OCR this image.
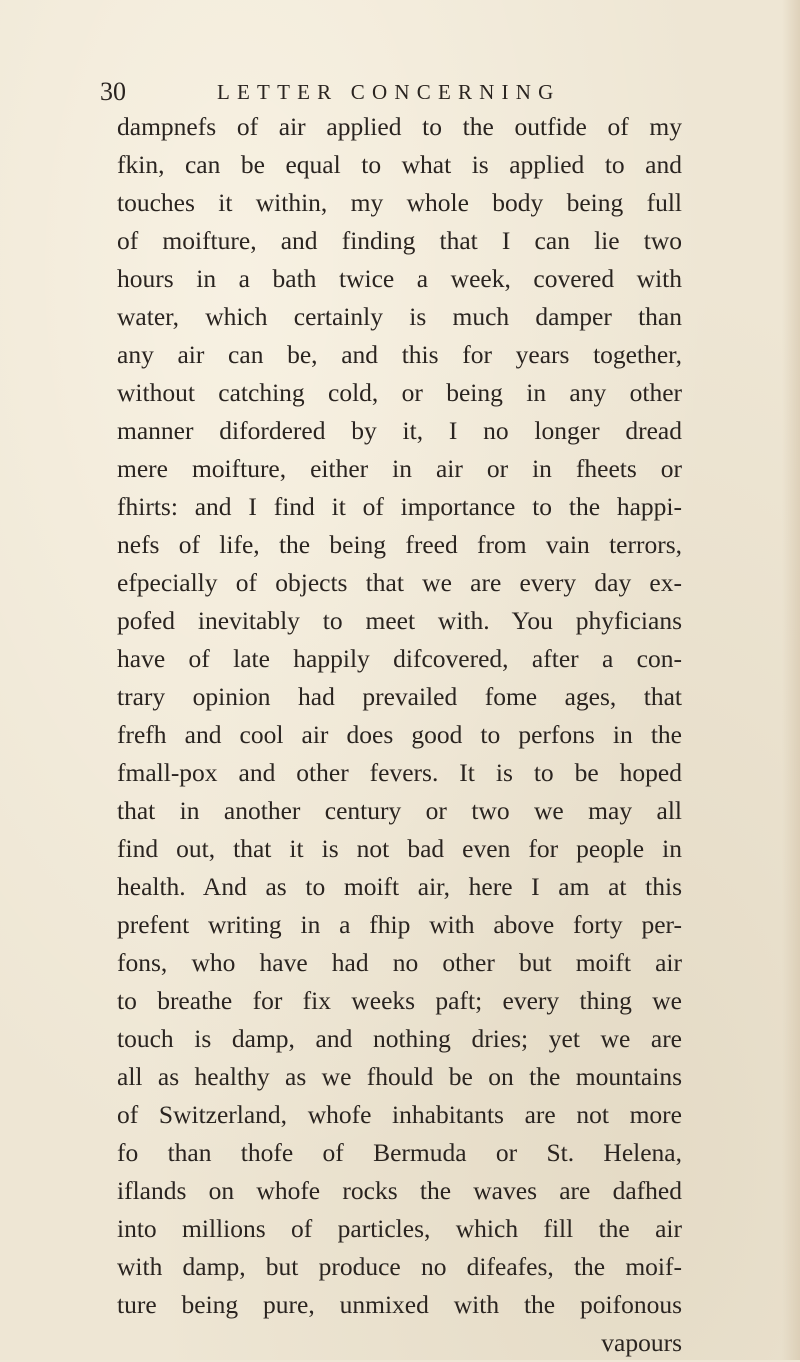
30	LETTER CONCERNING
dampnefs of air applied to the outfide of my
fkin, can be equal to what is applied to and
touches it within, my whole body being full
of moifture, and finding that I can lie two
hours in a bath twice a week, covered with
water, which certainly is much damper than
any air can be, and this for years together,
without catching cold, or being in any other
manner difordered by it, I no longer dread
mere moifture, either in air or in fheets or
fhirts: and I find it of importance to the happi-
nefs of life, the being freed from vain terrors,
efpecially of objects that we are every day ex-
pofed inevitably to meet with. You phyficians
have of late happily difcovered, after a con-
trary opinion had prevailed fome ages, that
frefh and cool air does good to perfons in the
fmall-pox and other fevers. It is to be hoped
that in another century or two we may all
find out, that it is not bad even for people in
health. And as to moift air, here I am at this
prefent writing in a fhip with above forty per-
fons, who have had no other but moift air
to breathe for fix weeks paft; every thing we
touch is damp, and nothing dries; yet we are
all as healthy as we fhould be on the mountains
of Switzerland, whofe inhabitants are not more
fo than thofe of Bermuda or St. Helena,
iflands on whofe rocks the waves are dafhed
into millions of particles, which fill the air
with damp, but produce no difeafes, the moif-
ture being pure, unmixed with the poifonous
vapours
